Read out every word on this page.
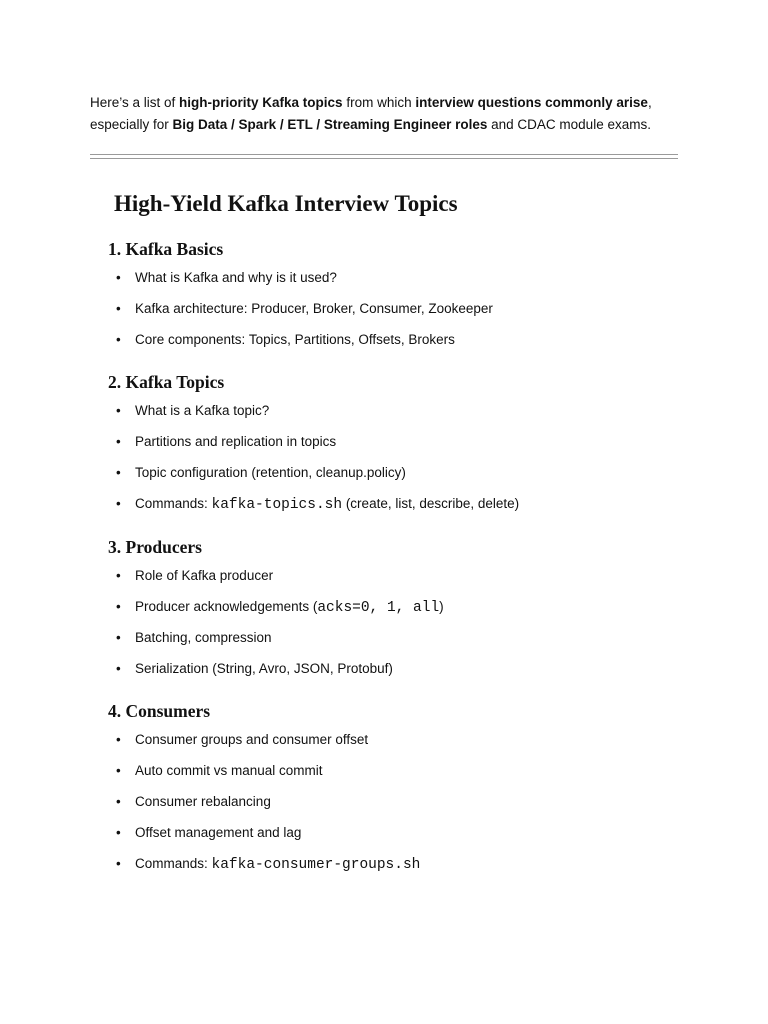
Here’s a list of high-priority Kafka topics from which interview questions commonly arise,
especially for Big Data / Spark / ETL / Streaming Engineer roles and CDAC module exams.
High-Yield Kafka Interview Topics
1. Kafka Basics
• What is Kafka and why is it used?
• Kafka architecture: Producer, Broker, Consumer, Zookeeper
• Core components: Topics, Partitions, Offsets, Brokers
2. Kafka Topics
• What is a Kafka topic?
• Partitions and replication in topics
• Topic configuration (retention, cleanup.policy)
• Commands: kafka-topics.sh (create, list, describe, delete)
3. Producers
• Role of Kafka producer
• Producer acknowledgements (acks=0, 1, all)
• Batching, compression
• Serialization (String, Avro, JSON, Protobuf)
4. Consumers
• Consumer groups and consumer offset
• Auto commit vs manual commit
• Consumer rebalancing
• Offset management and lag
• Commands: kafka-consumer-groups.sh
